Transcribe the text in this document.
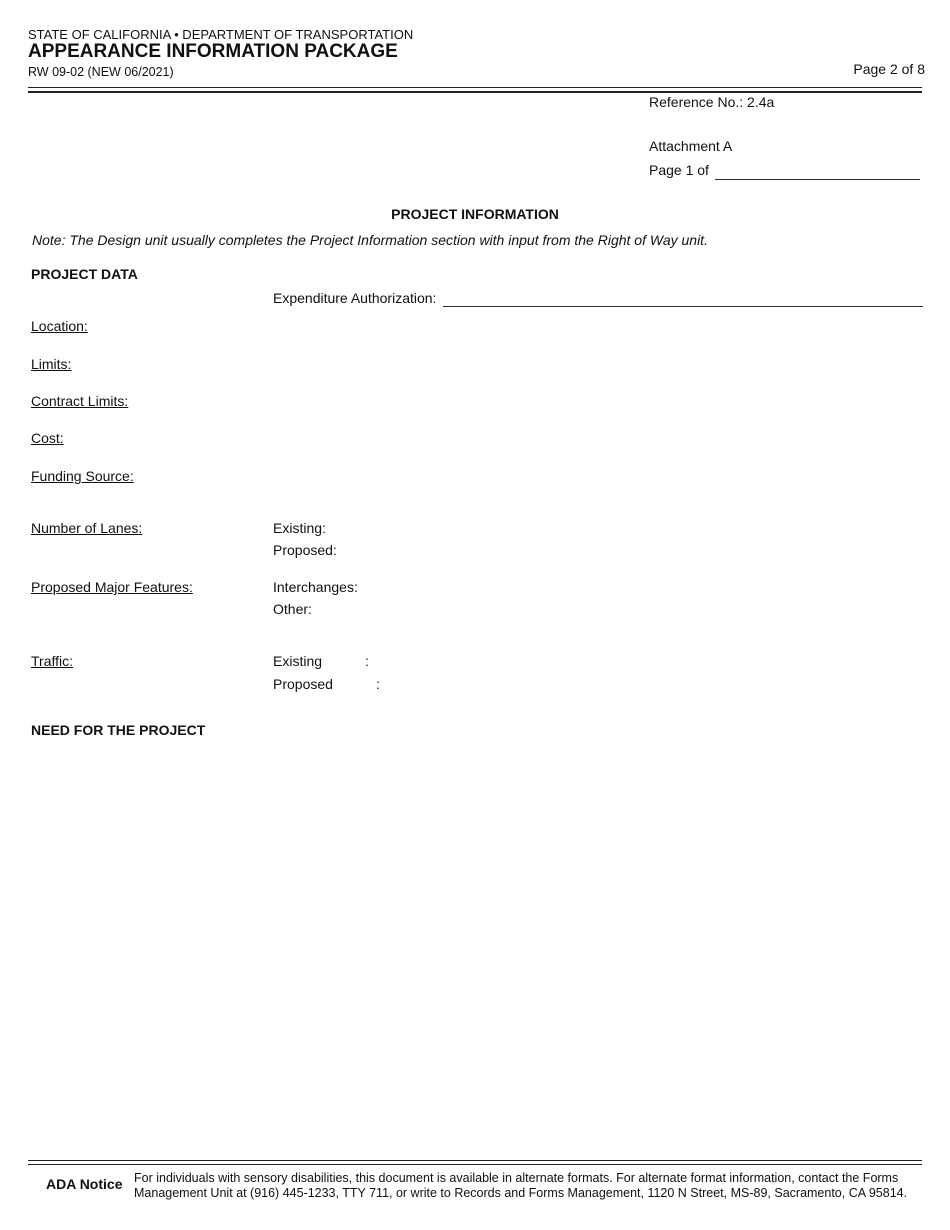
STATE OF CALIFORNIA • DEPARTMENT OF TRANSPORTATION
APPEARANCE INFORMATION PACKAGE
RW 09-02 (NEW 06/2021)	Page 2 of 8
Reference No.: 2.4a
Attachment A
Page 1 of
PROJECT INFORMATION
Note: The Design unit usually completes the Project Information section with input from the Right of Way unit.
PROJECT DATA
Expenditure Authorization:
Location:
Limits:
Contract Limits:
Cost:
Funding Source:
Number of Lanes:	Existing:
Proposed:
Proposed Major Features:	Interchanges:
Other:
Traffic:	Existing	:
Proposed	:
NEED FOR THE PROJECT
ADA Notice For individuals with sensory disabilities, this document is available in alternate formats. For alternate format information, contact the Forms Management Unit at (916) 445-1233, TTY 711, or write to Records and Forms Management, 1120 N Street, MS-89, Sacramento, CA 95814.
